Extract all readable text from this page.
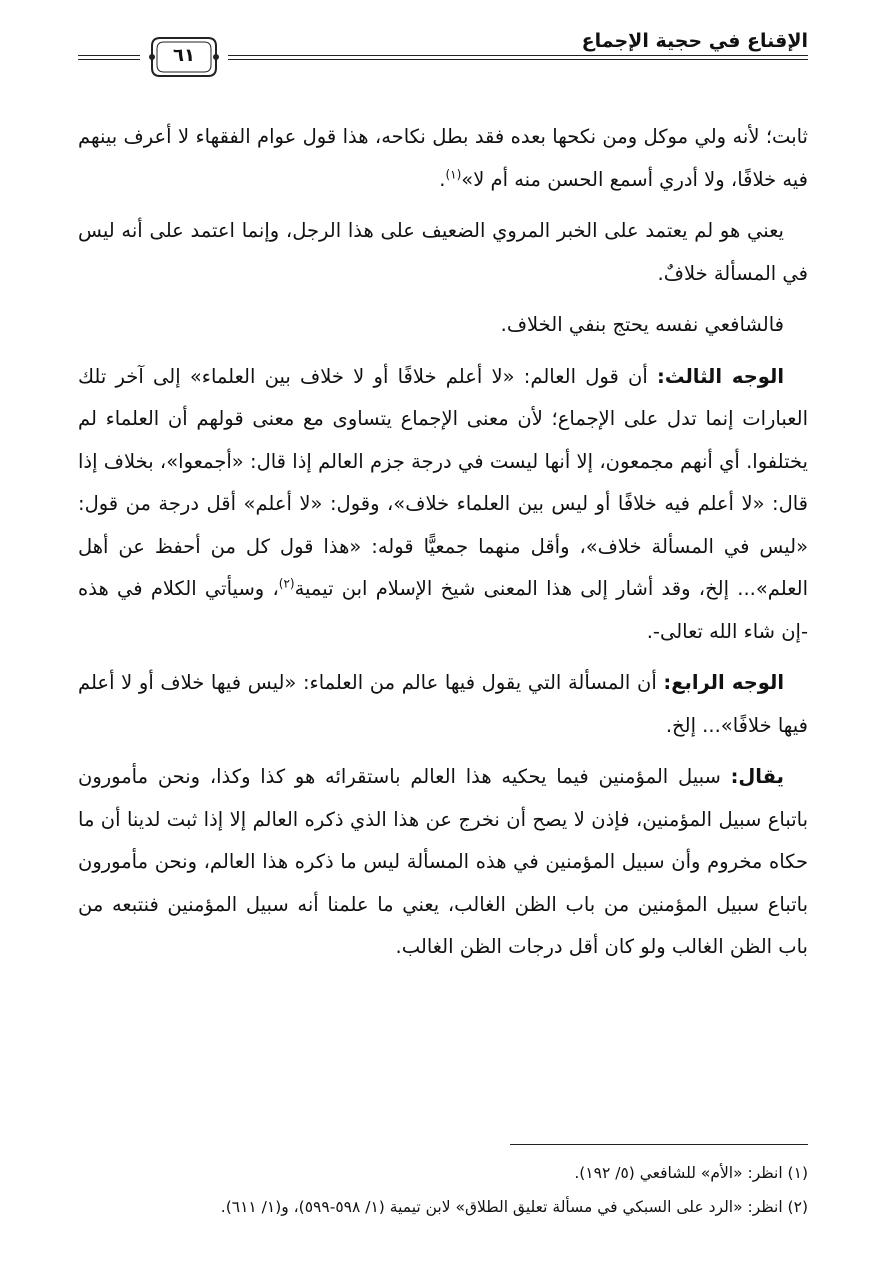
٦١
الإقناع في حجية الإجماع

ثابت؛ لأنه ولي موكل ومن نكحها بعده فقد بطل نكاحه، هذا قول عوام الفقهاء لا أعرف بينهم فيه خلافًا، ولا أدري أسمع الحسن منه أم لا»$^{(١)}$.

يعني هو لم يعتمد على الخبر المروي الضعيف على هذا الرجل، وإنما اعتمد على أنه ليس في المسألة خلافٌ.

فالشافعي نفسه يحتج بنفي الخلاف.

الوجه الثالث: أن قول العالم: «لا أعلم خلافًا أو لا خلاف بين العلماء» إلى آخر تلك العبارات إنما تدل على الإجماع؛ لأن معنى الإجماع يتساوى مع معنى قولهم أن العلماء لم يختلفوا. أي أنهم مجمعون، إلا أنها ليست في درجة جزم العالم إذا قال: «أجمعوا»، بخلاف إذا قال: «لا أعلم فيه خلافًا أو ليس بين العلماء خلاف»، وقول: «لا أعلم» أقل درجة من قول: «ليس في المسألة خلاف»، وأقل منهما جمعيًّا قوله: «هذا قول كل من أحفظ عن أهل العلم»... إلخ، وقد أشار إلى هذا المعنى شيخ الإسلام ابن تيمية$^{(٢)}$، وسيأتي الكلام في هذه -إن شاء الله تعالى-.

الوجه الرابع: أن المسألة التي يقول فيها عالم من العلماء: «ليس فيها خلاف أو لا أعلم فيها خلافًا»... إلخ.

يقال: سبيل المؤمنين فيما يحكيه هذا العالم باستقرائه هو كذا وكذا، ونحن مأمورون باتباع سبيل المؤمنين، فإذن لا يصح أن نخرج عن هذا الذي ذكره العالم إلا إذا ثبت لدينا أن ما حكاه مخروم وأن سبيل المؤمنين في هذه المسألة ليس ما ذكره هذا العالم، ونحن مأمورون باتباع سبيل المؤمنين من باب الظن الغالب، يعني ما علمنا أنه سبيل المؤمنين فنتبعه من باب الظن الغالب ولو كان أقل درجات الظن الغالب.

(١) انظر: «الأم» للشافعي (٥/ ١٩٢).

(٢) انظر: «الرد على السبكي في مسألة تعليق الطلاق» لابن تيمية (١/ ٥٩٨-٥٩٩)، و(١/ ٦١١).
